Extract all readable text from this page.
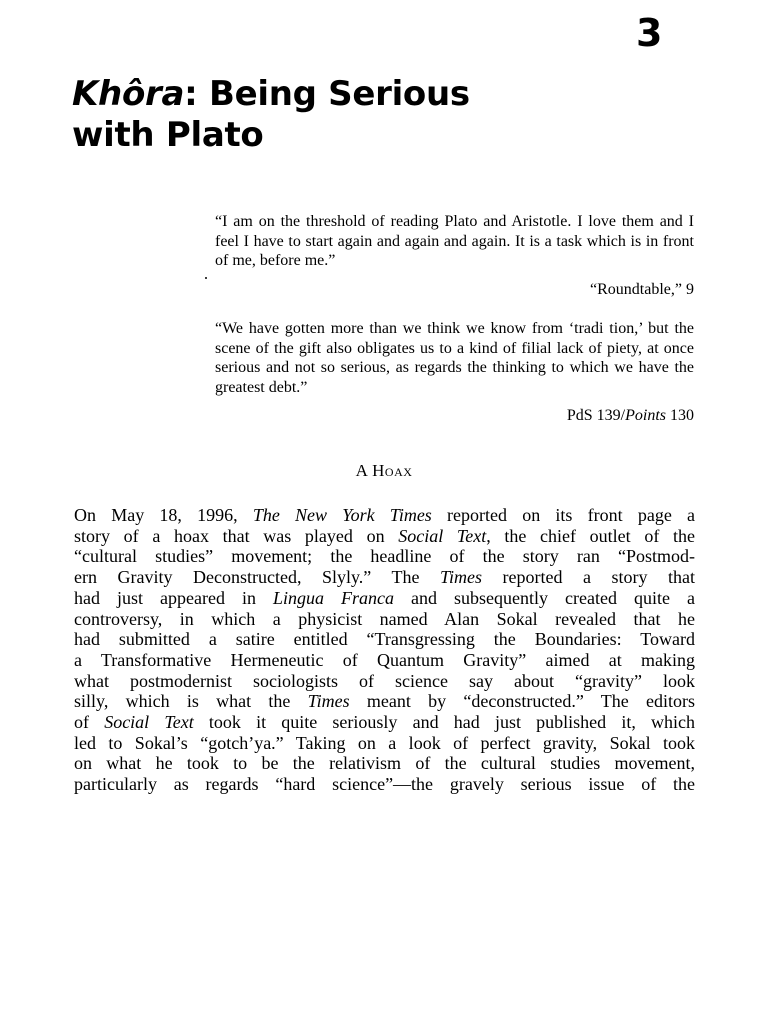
3
Khôra: Being Serious
with Plato

“I am on the threshold of reading Plato and Aristotle. I love them and I feel I have to start again and again and again. It is a task which is in front of me, before me.”

“Roundtable,” 9

“We have gotten more than we think we know from ‘tradi tion,’ but the scene of the gift also obligates us to a kind of filial lack of piety, at once serious and not so serious, as regards the thinking to which we have the greatest debt.”

PdS 139/Points 130

A Hoax
On May 18, 1996, The New York Times reported on its front page a
story of a hoax that was played on Social Text, the chief outlet of the
“cultural studies” movement; the headline of the story ran “Postmod-
ern Gravity Deconstructed, Slyly.” The Times reported a story that
had just appeared in Lingua Franca and subsequently created quite a
controversy, in which a physicist named Alan Sokal revealed that he
had submitted a satire entitled “Transgressing the Boundaries: Toward
a Transformative Hermeneutic of Quantum Gravity” aimed at making
what postmodernist sociologists of science say about “gravity” look
silly, which is what the Times meant by “deconstructed.” The editors
of Social Text took it quite seriously and had just published it, which
led to Sokal’s “gotch’ya.” Taking on a look of perfect gravity, Sokal took
on what he took to be the relativism of the cultural studies movement,
particularly as regards “hard science”—the gravely serious issue of the
